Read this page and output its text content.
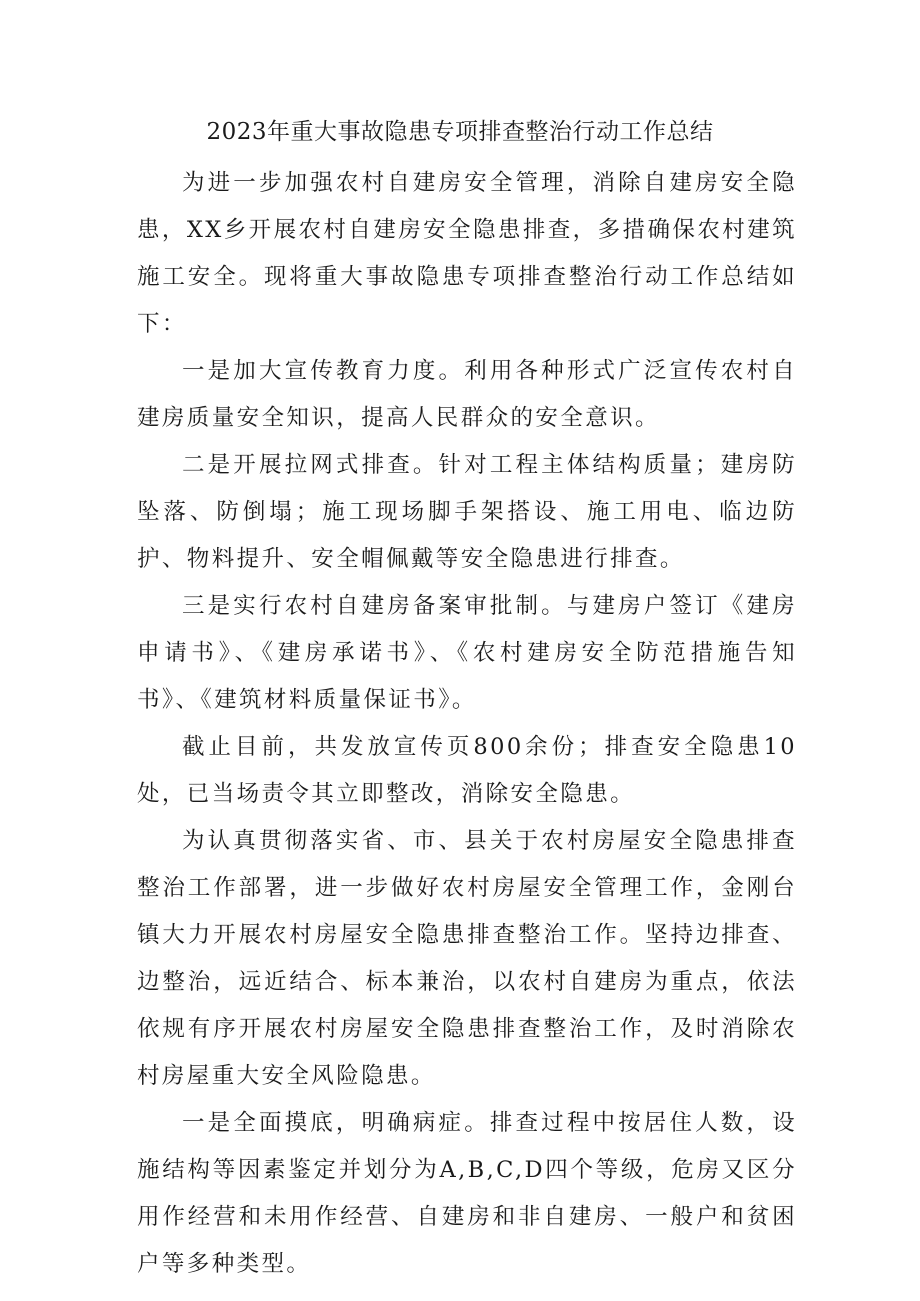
2023年重大事故隐患专项排查整治行动工作总结

为进一步加强农村自建房安全管理，消除自建房安全隐患，XX乡开展农村自建房安全隐患排查，多措确保农村建筑施工安全。现将重大事故隐患专项排查整治行动工作总结如下：

一是加大宣传教育力度。利用各种形式广泛宣传农村自建房质量安全知识，提高人民群众的安全意识。

二是开展拉网式排查。针对工程主体结构质量；建房防坠落、防倒塌；施工现场脚手架搭设、施工用电、临边防护、物料提升、安全帽佩戴等安全隐患进行排查。

三是实行农村自建房备案审批制。与建房户签订《建房申请书》、《建房承诺书》、《农村建房安全防范措施告知书》、《建筑材料质量保证书》。

截止目前，共发放宣传页800余份；排查安全隐患10处，已当场责令其立即整改，消除安全隐患。

为认真贯彻落实省、市、县关于农村房屋安全隐患排查整治工作部署，进一步做好农村房屋安全管理工作，金刚台镇大力开展农村房屋安全隐患排查整治工作。坚持边排查、边整治，远近结合、标本兼治，以农村自建房为重点，依法依规有序开展农村房屋安全隐患排查整治工作，及时消除农村房屋重大安全风险隐患。

一是全面摸底，明确病症。排查过程中按居住人数，设施结构等因素鉴定并划分为A,B,C,D四个等级，危房又区分用作经营和未用作经营、自建房和非自建房、一般户和贫困户等多种类型。
